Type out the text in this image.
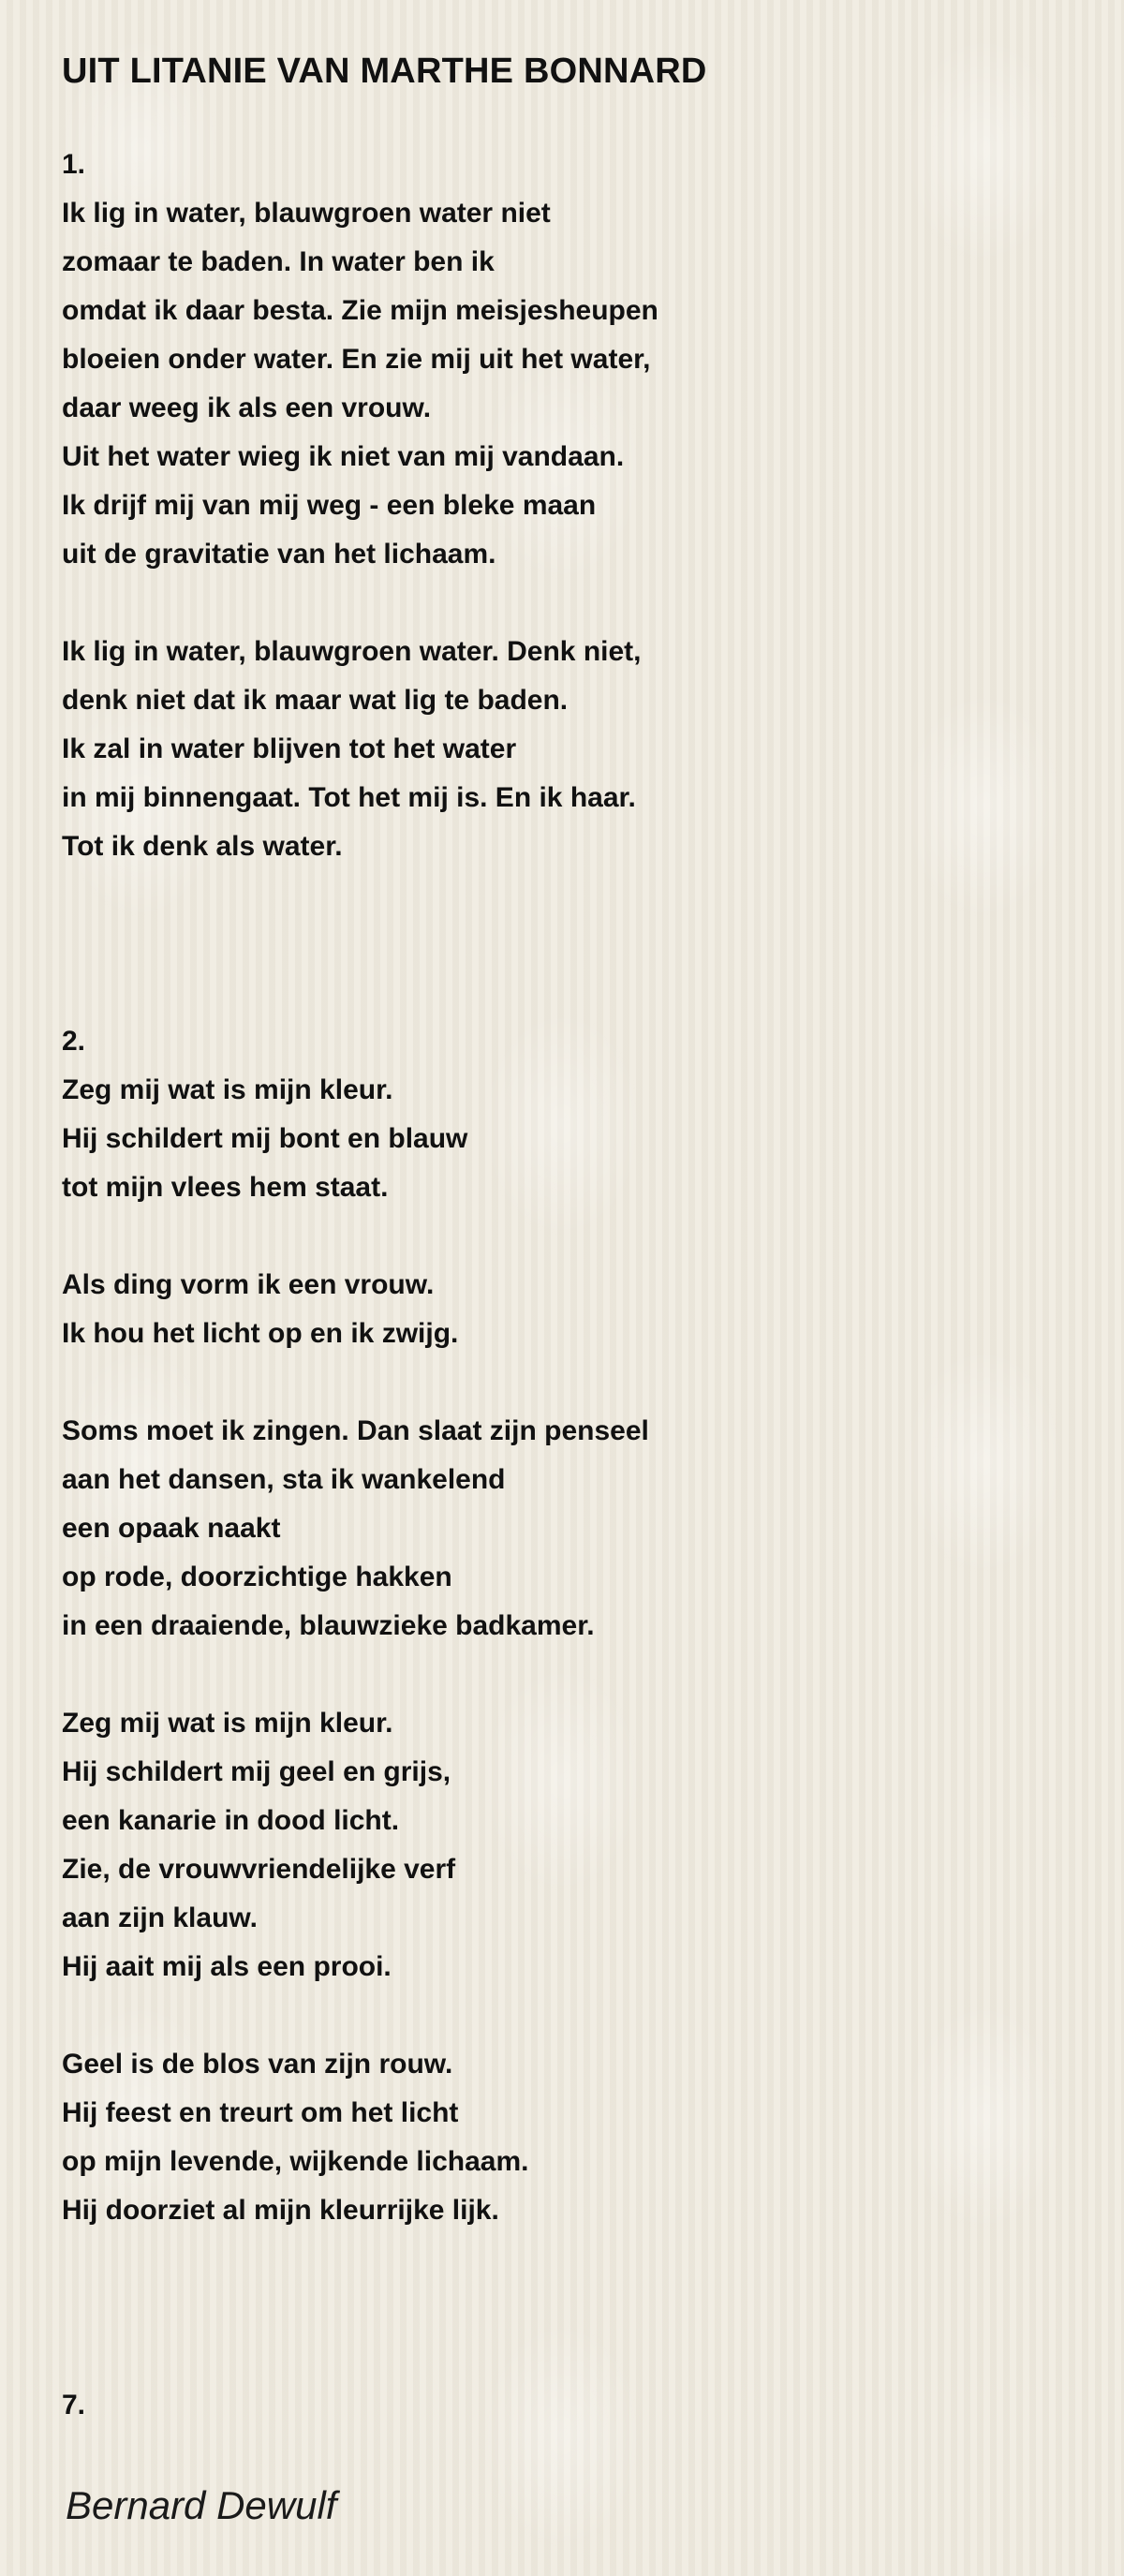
UIT LITANIE VAN MARTHE BONNARD
1.
Ik lig in water, blauwgroen water niet
zomaar te baden. In water ben ik
omdat ik daar besta. Zie mijn meisjesheupen
bloeien onder water. En zie mij uit het water,
daar weeg ik als een vrouw.
Uit het water wieg ik niet van mij vandaan.
Ik drijf mij van mij weg - een bleke maan
uit de gravitatie van het lichaam.
Ik lig in water, blauwgroen water. Denk niet,
denk niet dat ik maar wat lig te baden.
Ik zal in water blijven tot het water
in mij binnengaat. Tot het mij is. En ik haar.
Tot ik denk als water.
2.
Zeg mij wat is mijn kleur.
Hij schildert mij bont en blauw
tot mijn vlees hem staat.
Als ding vorm ik een vrouw.
Ik hou het licht op en ik zwijg.
Soms moet ik zingen. Dan slaat zijn penseel
aan het dansen, sta ik wankelend
een opaak naakt
op rode, doorzichtige hakken
in een draaiende, blauwzieke badkamer.
Zeg mij wat is mijn kleur.
Hij schildert mij geel en grijs,
een kanarie in dood licht.
Zie, de vrouwvriendelijke verf
aan zijn klauw.
Hij aait mij als een prooi.
Geel is de blos van zijn rouw.
Hij feest en treurt om het licht
op mijn levende, wijkende lichaam.
Hij doorziet al mijn kleurrijke lijk.
7.
Bernard Dewulf
